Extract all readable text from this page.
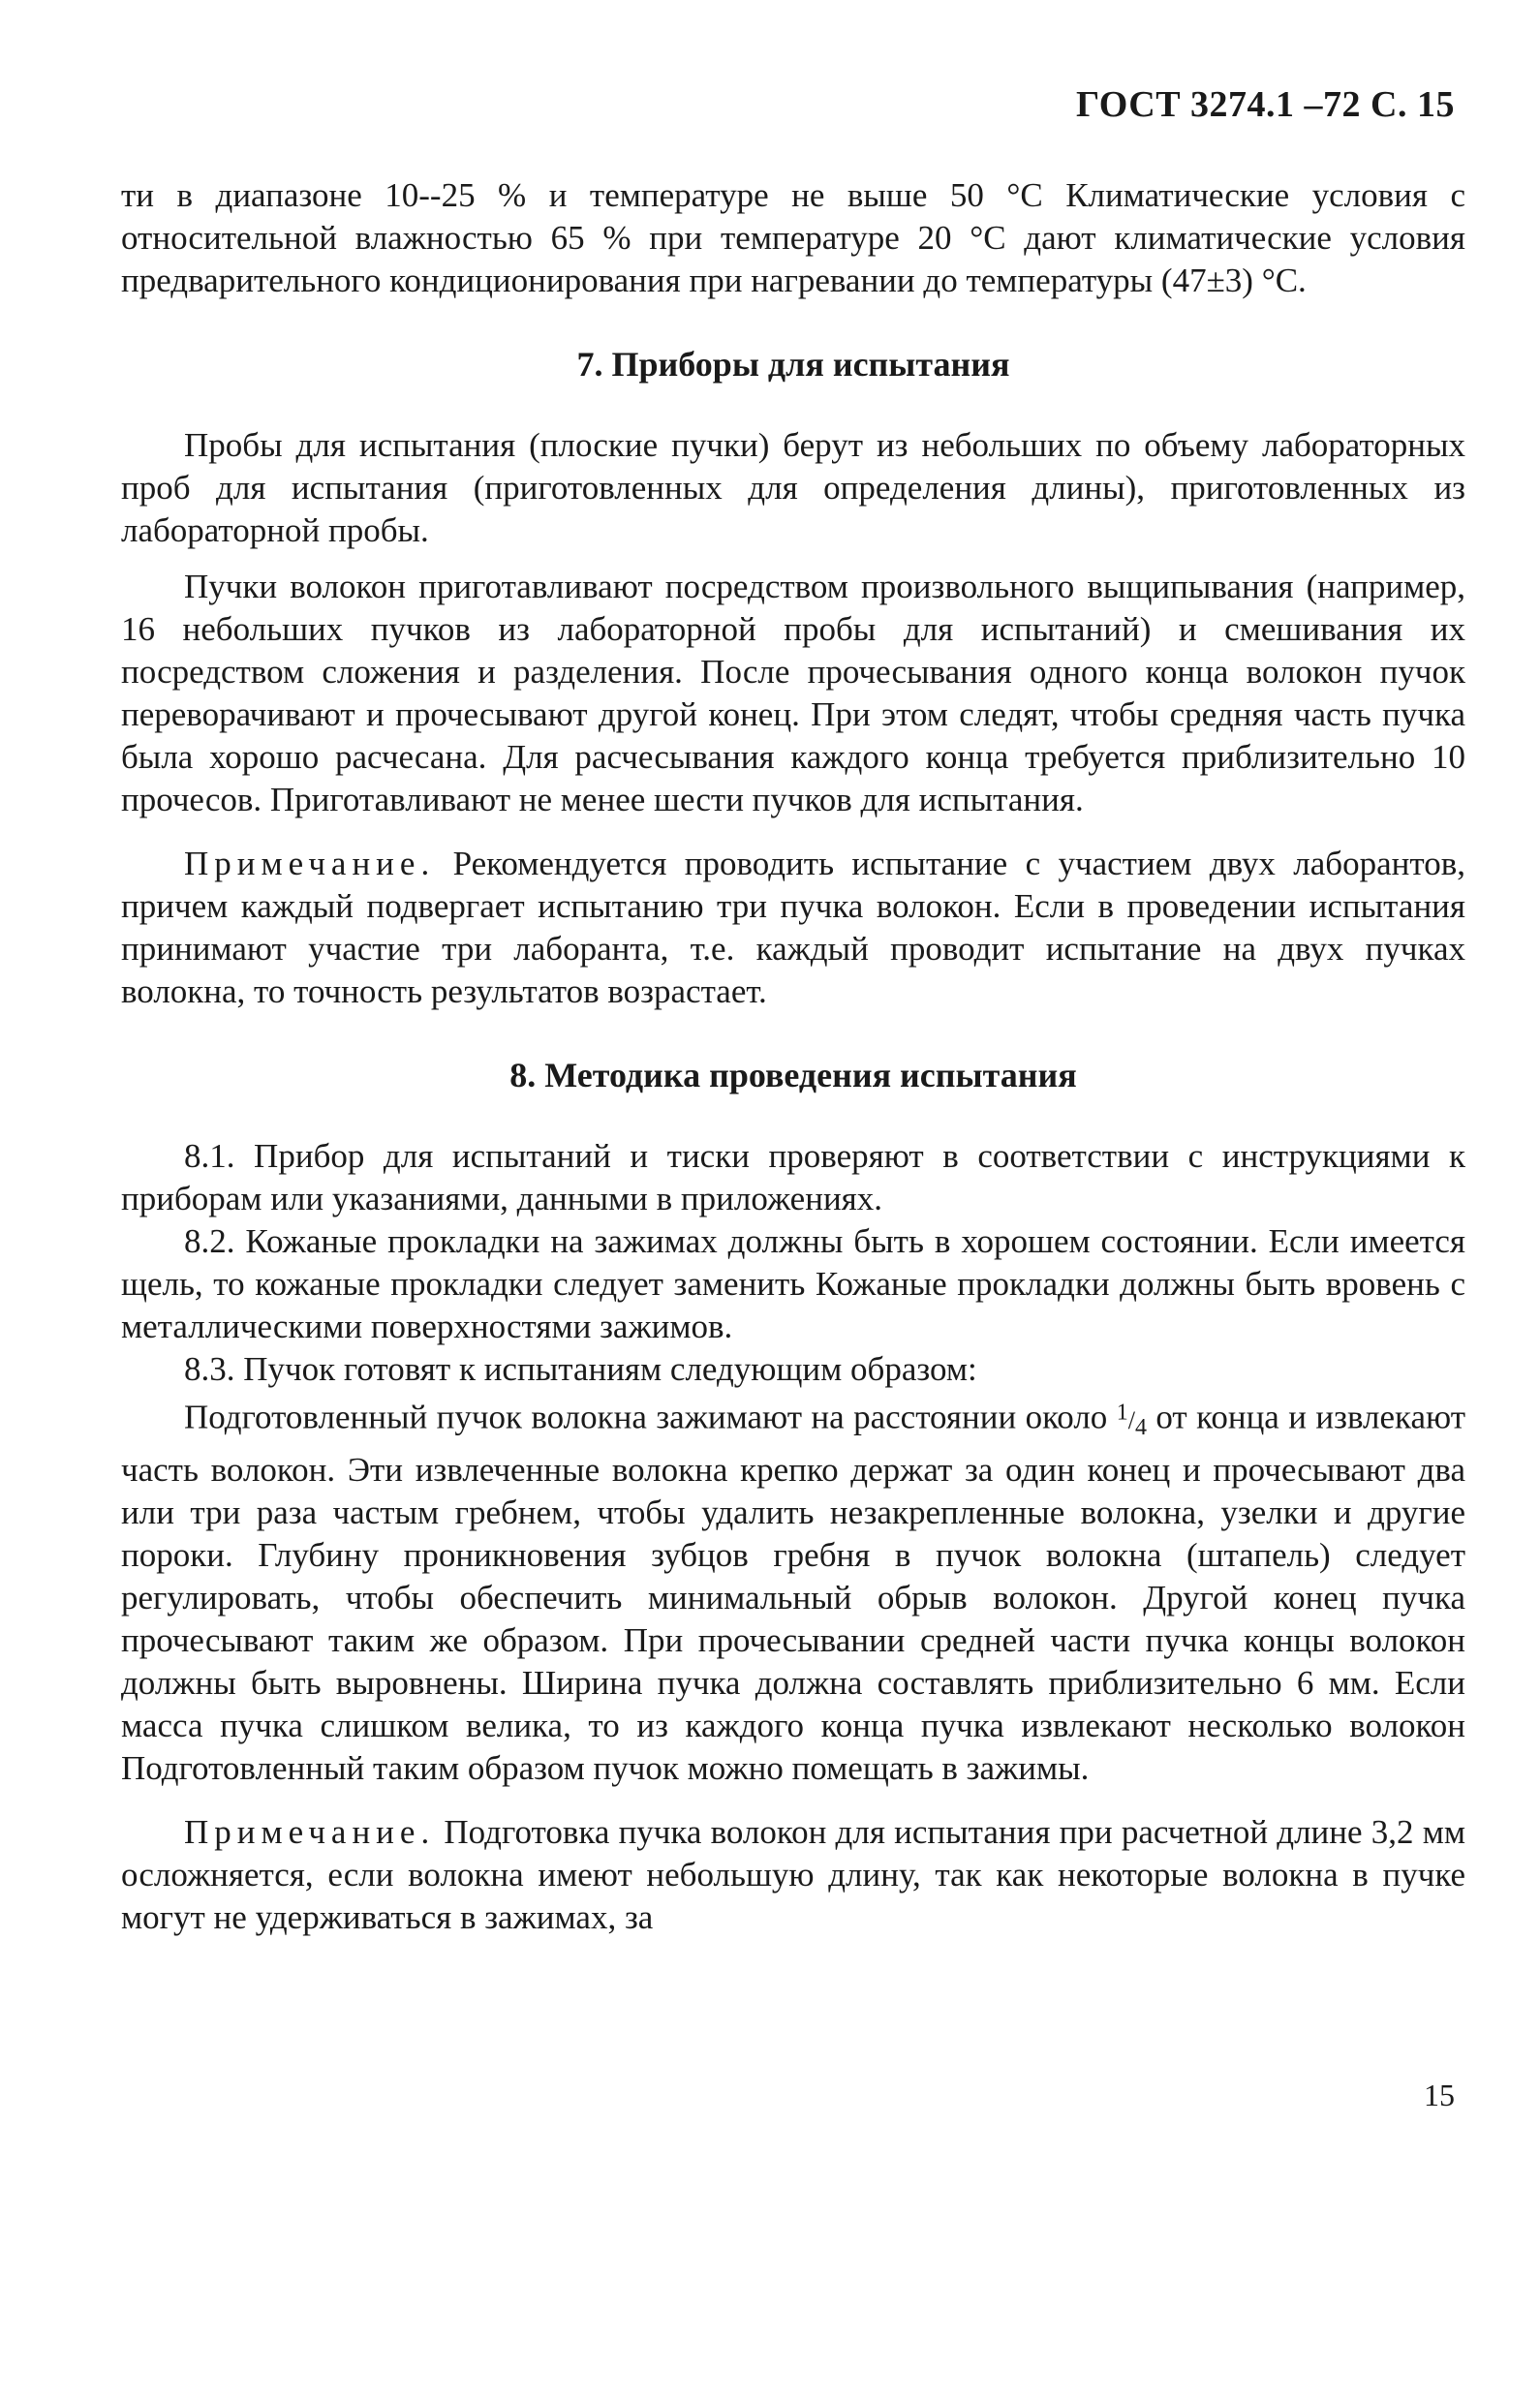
ГОСТ 3274.1 –72 С. 15

ти в диапазоне 10--25 % и температуре не выше 50 °С Климатические условия с относительной влажностью 65 % при температуре 20 °С дают климатические условия предварительного кондиционирования при нагревании до температуры (47±3) °С.

7. Приборы для испытания

Пробы для испытания (плоские пучки) берут из небольших по объему лабораторных проб для испытания (приготовленных для определения длины), приготовленных из лабораторной пробы.

Пучки волокон приготавливают посредством произвольного выщипывания (например, 16 небольших пучков из лабораторной пробы для испытаний) и смешивания их посредством сложения и разделения. После прочесывания одного конца волокон пучок переворачивают и прочесывают другой конец. При этом следят, чтобы средняя часть пучка была хорошо расчесана. Для расчесывания каждого конца требуется приблизительно 10 прочесов. Приготавливают не менее шести пучков для испытания.

Примечание. Рекомендуется проводить испытание с участием двух лаборантов, причем каждый подвергает испытанию три пучка волокон. Если в проведении испытания принимают участие три лаборанта, т.е. каждый проводит испытание на двух пучках волокна, то точность результатов возрастает.

8. Методика проведения испытания

8.1. Прибор для испытаний и тиски проверяют в соответствии с инструкциями к приборам или указаниями, данными в приложениях.

8.2. Кожаные прокладки на зажимах должны быть в хорошем состоянии. Если имеется щель, то кожаные прокладки следует заменить Кожаные прокладки должны быть вровень с металлическими поверхностями зажимов.

8.3. Пучок готовят к испытаниям следующим образом:

Подготовленный пучок волокна зажимают на расстоянии около $^1/_4$ от конца и извлекают часть волокон. Эти извлеченные волокна крепко держат за один конец и прочесывают два или три раза частым гребнем, чтобы удалить незакрепленные волокна, узелки и другие пороки. Глубину проникновения зубцов гребня в пучок волокна (штапель) следует регулировать, чтобы обеспечить минимальный обрыв волокон. Другой конец пучка прочесывают таким же образом. При прочесывании средней части пучка концы волокон должны быть выровнены. Ширина пучка должна составлять приблизительно 6 мм. Если масса пучка слишком велика, то из каждого конца пучка извлекают несколько волокон Подготовленный таким образом пучок можно помещать в зажимы.

Примечание. Подготовка пучка волокон для испытания при расчетной длине 3,2 мм осложняется, если волокна имеют небольшую длину, так как некоторые волокна в пучке могут не удерживаться в зажимах, за

15
